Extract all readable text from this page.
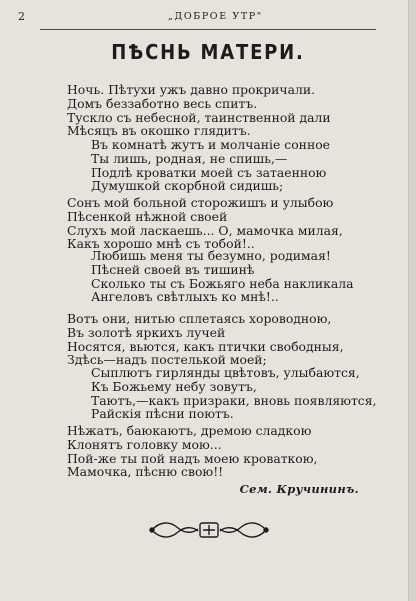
2	„ДОБРОЕ УТР"
ПѢСНЬ МАТЕРИ.
Ночь. Пѣтухи ужъ давно прокричали.
Домъ беззаботно весь спитъ.
Тускло съ небесной, таинственной дали
Мѣсяцъ въ окошко глядитъ.
Въ комнатѣ жутъ и молчаніе сонное
Ты лишь, родная, не спишь,—
Подлѣ кроватки моей съ затаенною
Думушкой скорбной сидишь;
Сонъ мой больной сторожишъ и улыбою
Пѣсенкой нѣжной своей
Слухъ мой ласкаешь... О, мамочка милая,
Какъ хорошо мнѣ съ тобой!..
Любишь меня ты безумно, родимая!
Пѣсней своей въ тишинѣ
Сколько ты съ Божьяго неба накликала
Ангеловъ свѣтлыхъ ко мнѣ!..
Вотъ они, нитью сплетаясь хороводною,
Въ золотѣ яркихъ лучей
Носятся, вьются, какъ птички свободныя,
Здѣсь—надъ постелькой моей;
Сыплютъ гирлянды цвѣтовъ, улыбаются,
Къ Божьему небу зовутъ,
Таютъ,—какъ призраки, вновь появляются,
Райскія пѣсни поютъ.
Нѣжатъ, баюкаютъ, дремою сладкою
Клонятъ головку мою...
Пой-же ты пой надъ моею кроваткою,
Мамочка, пѣсню свою!!
Сем. Кручининъ.
